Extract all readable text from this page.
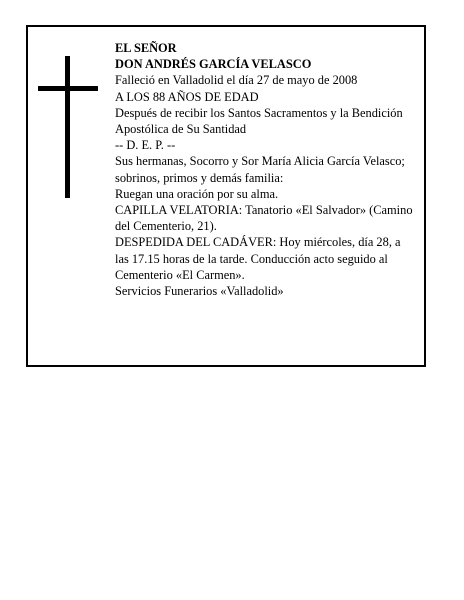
EL SEÑOR

DON ANDRÉS GARCÍA VELASCO

Falleció en Valladolid el día 27 de mayo de 2008

A LOS 88 AÑOS DE EDAD

Después de recibir los Santos Sacramentos y la Bendición Apostólica de Su Santidad

-- D. E. P. --

Sus hermanas, Socorro y Sor María Alicia García Velasco; sobrinos, primos y demás familia:

Ruegan una oración por su alma.

CAPILLA VELATORIA: Tanatorio «El Salvador» (Camino del Cementerio, 21).

DESPEDIDA DEL CADÁVER: Hoy miércoles, día 28, a las 17.15 horas de la tarde. Conducción acto seguido al Cementerio «El Carmen».

Servicios Funerarios «Valladolid»
